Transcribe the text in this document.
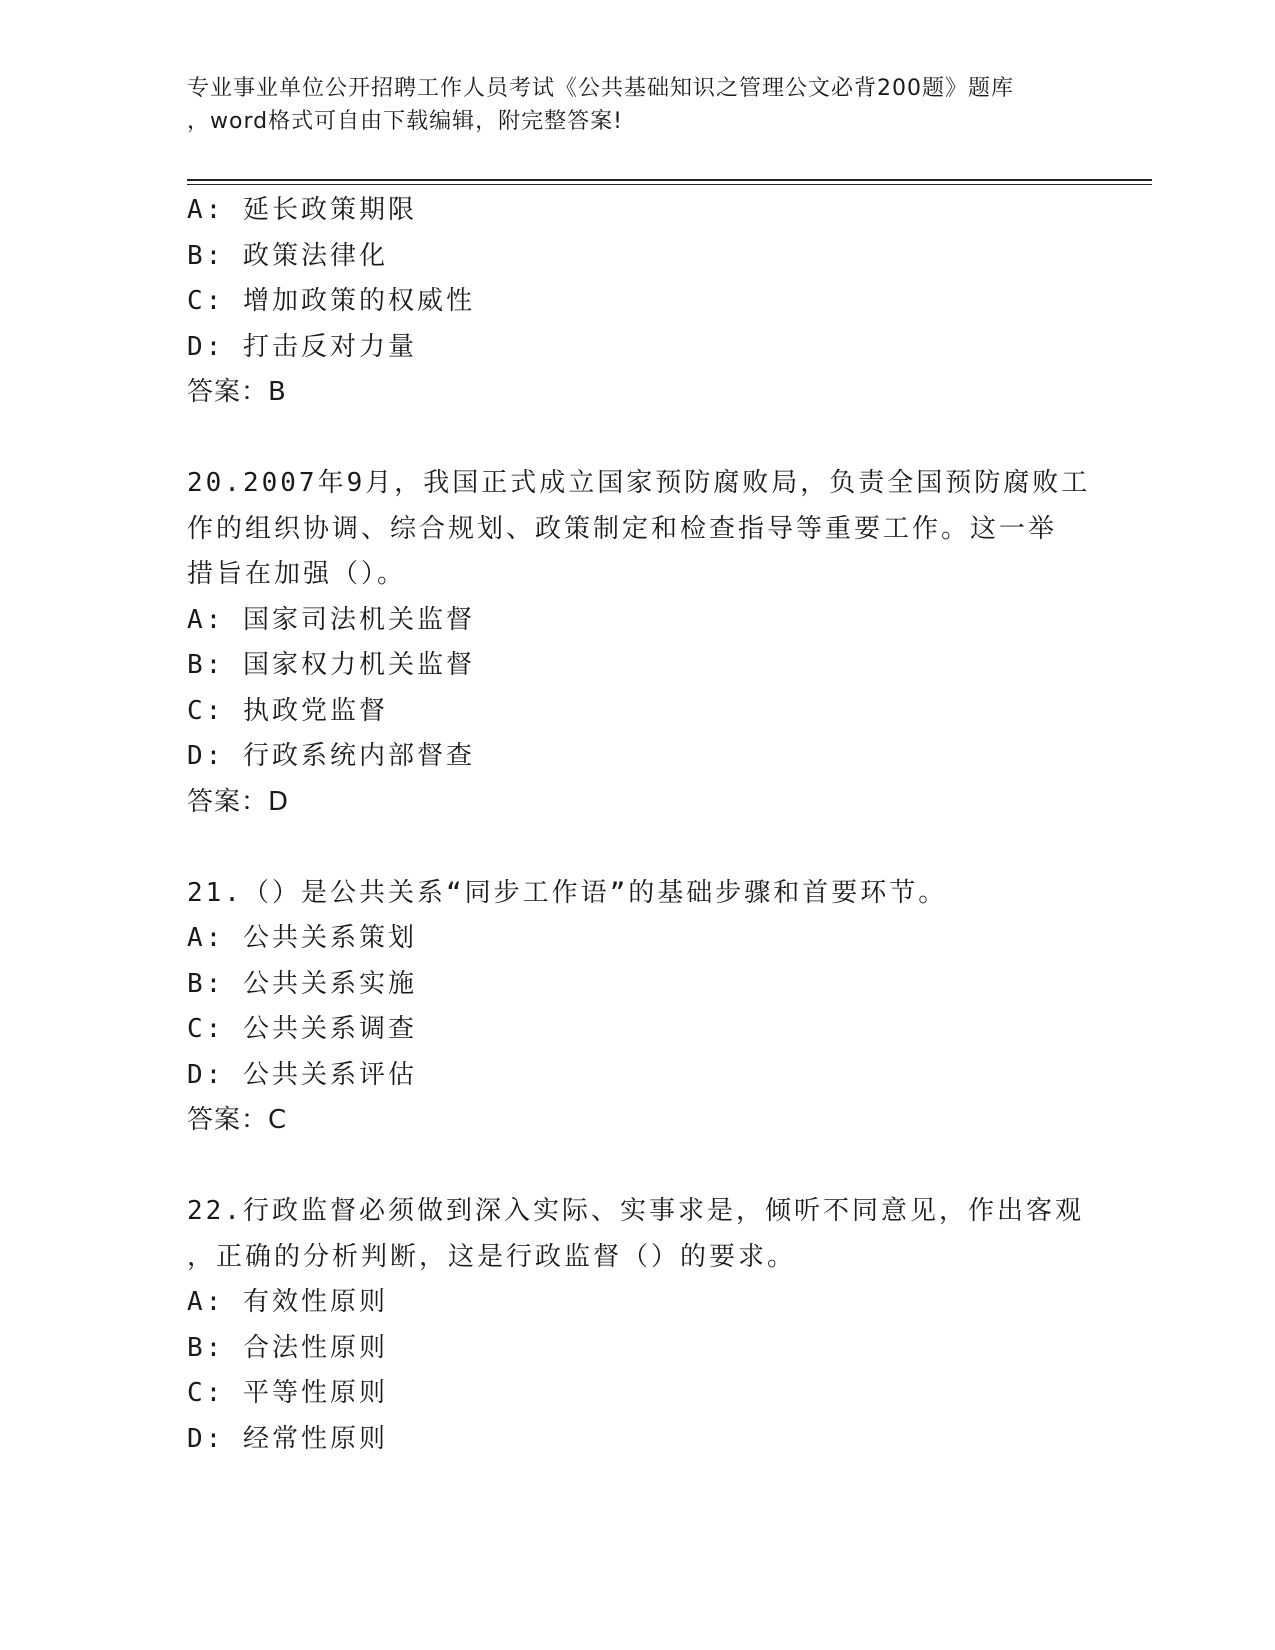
专业事业单位公开招聘工作人员考试《公共基础知识之管理公文必背200题》题库
，word格式可自由下载编辑，附完整答案!
A: 延长政策期限
B: 政策法律化
C: 增加政策的权威性
D: 打击反对力量
答案：B
20.2007年9月，我国正式成立国家预防腐败局，负责全国预防腐败工
作的组织协调、综合规划、政策制定和检查指导等重要工作。这一举
措旨在加强（）。
A: 国家司法机关监督
B: 国家权力机关监督
C: 执政党监督
D: 行政系统内部督查
答案：D
21.（）是公共关系“同步工作语”的基础步骤和首要环节。
A: 公共关系策划
B: 公共关系实施
C: 公共关系调查
D: 公共关系评估
答案：C
22.行政监督必须做到深入实际、实事求是，倾听不同意见，作出客观
，正确的分析判断，这是行政监督（）的要求。
A: 有效性原则
B: 合法性原则
C: 平等性原则
D: 经常性原则
